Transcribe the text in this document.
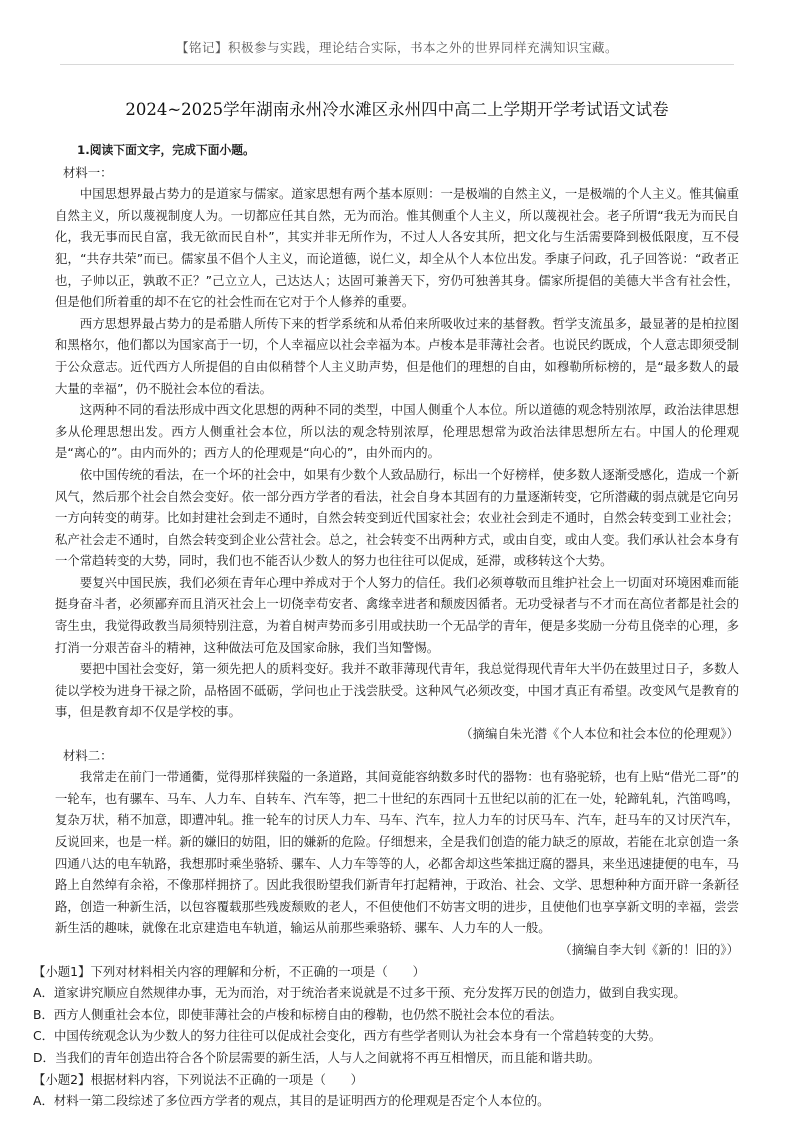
【铭记】积极参与实践，理论结合实际，书本之外的世界同样充满知识宝藏。
2024~2025学年湖南永州冷水滩区永州四中高二上学期开学考试语文试卷

1.阅读下面文字，完成下面小题。

材料一：

中国思想界最占势力的是道家与儒家。道家思想有两个基本原则：一是极端的自然主义，一是极端的个人主义。惟其偏重自然主义，所以蔑视制度人为。一切都应任其自然，无为而治。惟其侧重个人主义，所以蔑视社会。老子所谓“我无为而民自化，我无事而民自富，我无欲而民自朴”，其实并非无所作为，不过人人各安其所，把文化与生活需要降到极低限度，互不侵犯，“共存共荣”而已。儒家虽不倡个人主义，而论道德，说仁义，却全从个人本位出发。季康子问政，孔子回答说：“政者正也，子帅以正，孰敢不正？”己立立人，己达达人；达固可兼善天下，穷仍可独善其身。儒家所提倡的美德大半含有社会性，但是他们所着重的却不在它的社会性而在它对于个人修养的重要。

西方思想界最占势力的是希腊人所传下来的哲学系统和从希伯来所吸收过来的基督教。哲学支流虽多，最显著的是柏拉图和黑格尔，他们都以为国家高于一切，个人幸福应以社会幸福为本。卢梭本是菲薄社会者。也说民约既成，个人意志即须受制于公众意志。近代西方人所提倡的自由似稍替个人主义助声势，但是他们的理想的自由，如穆勒所标榜的，是“最多数人的最大量的幸福”，仍不脱社会本位的看法。

这两种不同的看法形成中西文化思想的两种不同的类型，中国人侧重个人本位。所以道德的观念特别浓厚，政治法律思想多从伦理思想出发。西方人侧重社会本位，所以法的观念特别浓厚，伦理思想常为政治法律思想所左右。中国人的伦理观是“离心的”。由内而外的；西方人的伦理观是“向心的”，由外而内的。

依中国传统的看法，在一个坏的社会中，如果有少数个人致品励行，标出一个好榜样，使多数人逐渐受感化，造成一个新风气，然后那个社会自然会变好。依一部分西方学者的看法，社会自身本其固有的力量逐渐转变，它所潜藏的弱点就是它向另一方向转变的萌芽。比如封建社会到走不通时，自然会转变到近代国家社会；农业社会到走不通时，自然会转变到工业社会；私产社会走不通时，自然会转变到企业公营社会。总之，社会转变不出两种方式，或由自变，或由人变。我们承认社会本身有一个常趋转变的大势，同时，我们也不能否认少数人的努力也往往可以促成，延滞，或移转这个大势。

要复兴中国民族，我们必须在青年心理中养成对于个人努力的信任。我们必须尊敬而且维护社会上一切面对环境困难而能挺身奋斗者，必须鄙弃而且消灭社会上一切侥幸苟安者、禽缘幸进者和颓废因循者。无功受禄者与不才而在高位者都是社会的寄生虫，我觉得政教当局须特别注意，为着自树声势而多引用或扶助一个无品学的青年，便是多奖励一分苟且侥幸的心理，多打消一分艰苦奋斗的精神，这种做法可危及国家命脉，我们当知警惕。

要把中国社会变好，第一须先把人的质料变好。我并不敢菲薄现代青年，我总觉得现代青年大半仍在鼓里过日子，多数人徒以学校为进身干禄之阶，品格固不砥砺，学问也止于浅尝肤受。这种风气必须改变，中国才真正有希望。改变风气是教育的事，但是教育却不仅是学校的事。

（摘编自朱光潜《个人本位和社会本位的伦理观》）

材料二：

我常走在前门一带通衢，觉得那样狭隘的一条道路，其间竟能容纳数多时代的器物：也有骆驼轿，也有上贴“借光二哥”的一轮车，也有骡车、马车、人力车、自转车、汽车等，把二十世纪的东西同十五世纪以前的汇在一处，轮蹄轧轧，汽笛鸣鸣，复杂万状，稍不加意，即遭冲轧。推一轮车的讨厌人力车、马车、汽车，拉人力车的讨厌马车、汽车，赶马车的又讨厌汽车，反说回来，也是一样。新的嫌旧的妨阻，旧的嫌新的危险。仔细想来，全是我们创造的能力缺乏的原故，若能在北京创造一条四通八达的电车轨路，我想那时乘坐骆轿、骡车、人力车等等的人，必都舍却这些笨拙迂腐的器具，来坐迅速捷便的电车，马路上自然绰有余裕，不像那样拥挤了。因此我很盼望我们新青年打起精神，于政治、社会、文学、思想种种方面开辟一条新径路，创造一种新生活，以包容覆载那些残废颓败的老人，不但使他们不妨害文明的进步，且使他们也享享新文明的幸福，尝尝新生活的趣味，就像在北京建造电车轨道，输运从前那些乘骆轿、骡车、人力车的人一般。

（摘编自李大钊《新的！旧的》）

【小题1】下列对材料相关内容的理解和分析，不正确的一项是（　　）

A．道家讲究顺应自然规律办事，无为而治，对于统治者来说就是不过多干预、充分发挥万民的创造力，做到自我实现。

B．西方人侧重社会本位，即使菲薄社会的卢梭和标榜自由的穆勒，也仍然不脱社会本位的看法。

C．中国传统观念认为少数人的努力往往可以促成社会变化，西方有些学者则认为社会本身有一个常趋转变的大势。

D．当我们的青年创造出符合各个阶层需要的新生活，人与人之间就将不再互相憎厌，而且能和谐共助。

【小题2】根据材料内容，下列说法不正确的一项是（　　）

A．材料一第二段综述了多位西方学者的观点，其目的是证明西方的伦理观是否定个人本位的。
